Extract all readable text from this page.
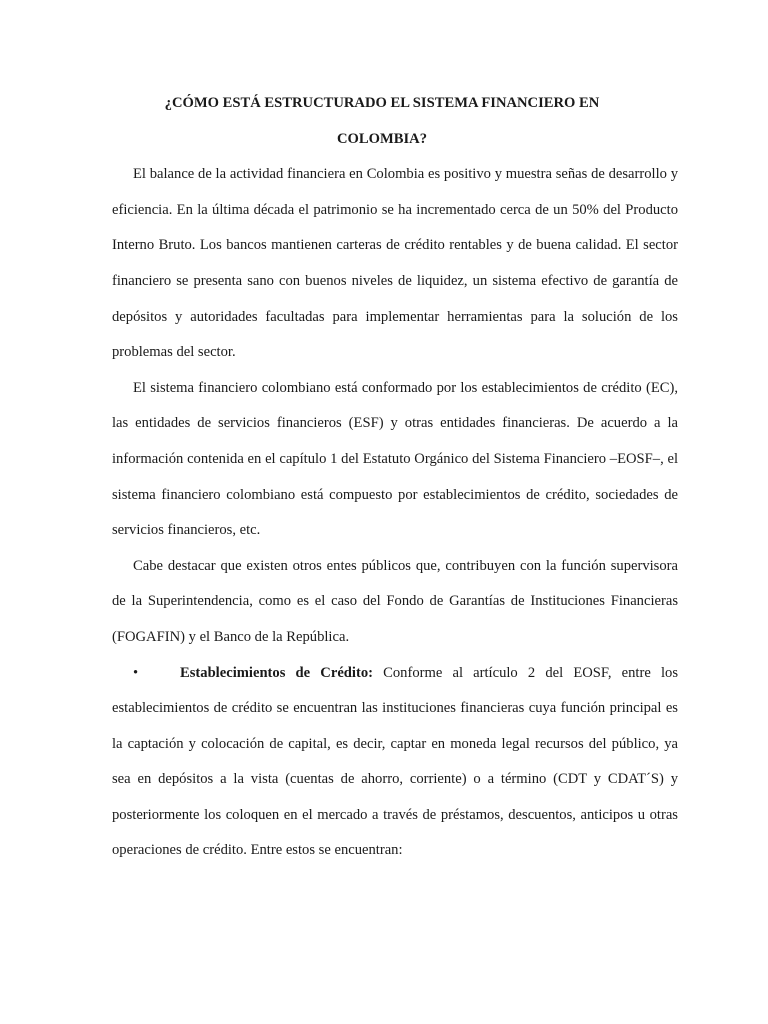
¿CÓMO ESTÁ ESTRUCTURADO EL SISTEMA FINANCIERO EN
COLOMBIA?

El balance de la actividad financiera en Colombia es positivo y muestra señas de desarrollo y eficiencia. En la última década el patrimonio se ha incrementado cerca de un 50% del Producto Interno Bruto. Los bancos mantienen carteras de crédito rentables y de buena calidad. El sector financiero se presenta sano con buenos niveles de liquidez, un sistema efectivo de garantía de depósitos y autoridades facultadas para implementar herramientas para la solución de los problemas del sector.

El sistema financiero colombiano está conformado por los establecimientos de crédito (EC), las entidades de servicios financieros (ESF) y otras entidades financieras. De acuerdo a la información contenida en el capítulo 1 del Estatuto Orgánico del Sistema Financiero –EOSF–, el sistema financiero colombiano está compuesto por establecimientos de crédito, sociedades de servicios financieros, etc.

Cabe destacar que existen otros entes públicos que, contribuyen con la función supervisora de la Superintendencia, como es el caso del Fondo de Garantías de Instituciones Financieras (FOGAFIN) y el Banco de la República.

•	Establecimientos de Crédito: Conforme al artículo 2 del EOSF, entre los establecimientos de crédito se encuentran las instituciones financieras cuya función principal es la captación y colocación de capital, es decir, captar en moneda legal recursos del público, ya sea en depósitos a la vista (cuentas de ahorro, corriente) o a término (CDT y CDAT´S) y posteriormente los coloquen en el mercado a través de préstamos, descuentos, anticipos u otras operaciones de crédito. Entre estos se encuentran:
